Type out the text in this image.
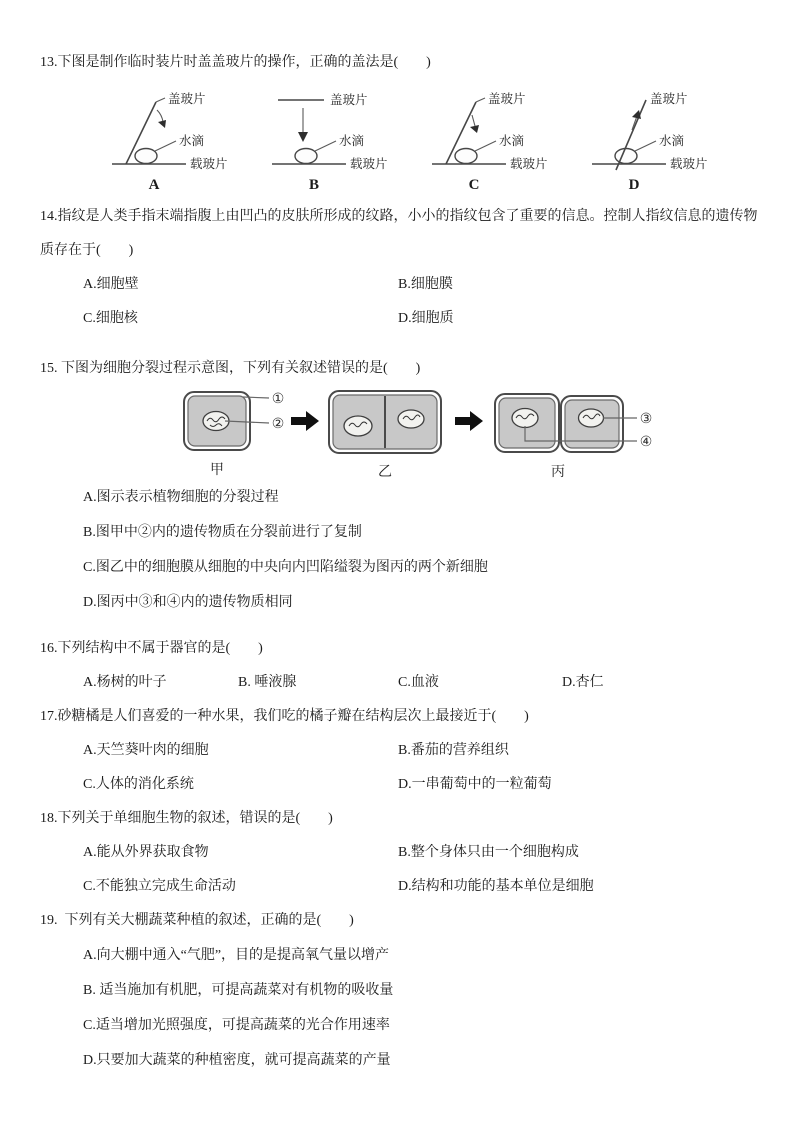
13.下图是制作临时装片时盖盖玻片的操作，正确的盖法是(        )

盖玻片
水滴
载玻片
A
盖玻片
水滴
载玻片
B
盖玻片
水滴
载玻片
C
盖玻片
水滴
载玻片
D

14.指纹是人类手指末端指腹上由凹凸的皮肤所形成的纹路，小小的指纹包含了重要的信息。控制人指纹信息的遗传物质存在于(        )

A.细胞壁	B.细胞膜
C.细胞核	D.细胞质

15. 下图为细胞分裂过程示意图，下列有关叙述错误的是(        )

①
②	③
④
甲	乙	丙
A.图示表示植物细胞的分裂过程
B.图甲中②内的遗传物质在分裂前进行了复制
C.图乙中的细胞膜从细胞的中央向内凹陷缢裂为图丙的两个新细胞
D.图丙中③和④内的遗传物质相同

16.下列结构中不属于器官的是(        )

A.杨树的叶子	B. 唾液腺	C.血液	D.杏仁

17.砂糖橘是人们喜爱的一种水果，我们吃的橘子瓣在结构层次上最接近于(        )

A.天竺葵叶肉的细胞	B.番茄的营养组织
C.人体的消化系统	D.一串葡萄中的一粒葡萄

18.下列关于单细胞生物的叙述，错误的是(        )

A.能从外界获取食物	B.整个身体只由一个细胞构成
C.不能独立完成生命活动	D.结构和功能的基本单位是细胞

19.  下列有关大棚蔬菜种植的叙述，正确的是(        )

A.向大棚中通入“气肥”，目的是提高氧气量以增产
B. 适当施加有机肥，可提高蔬菜对有机物的吸收量
C.适当增加光照强度，可提高蔬菜的光合作用速率
D.只要加大蔬菜的种植密度，就可提高蔬菜的产量
